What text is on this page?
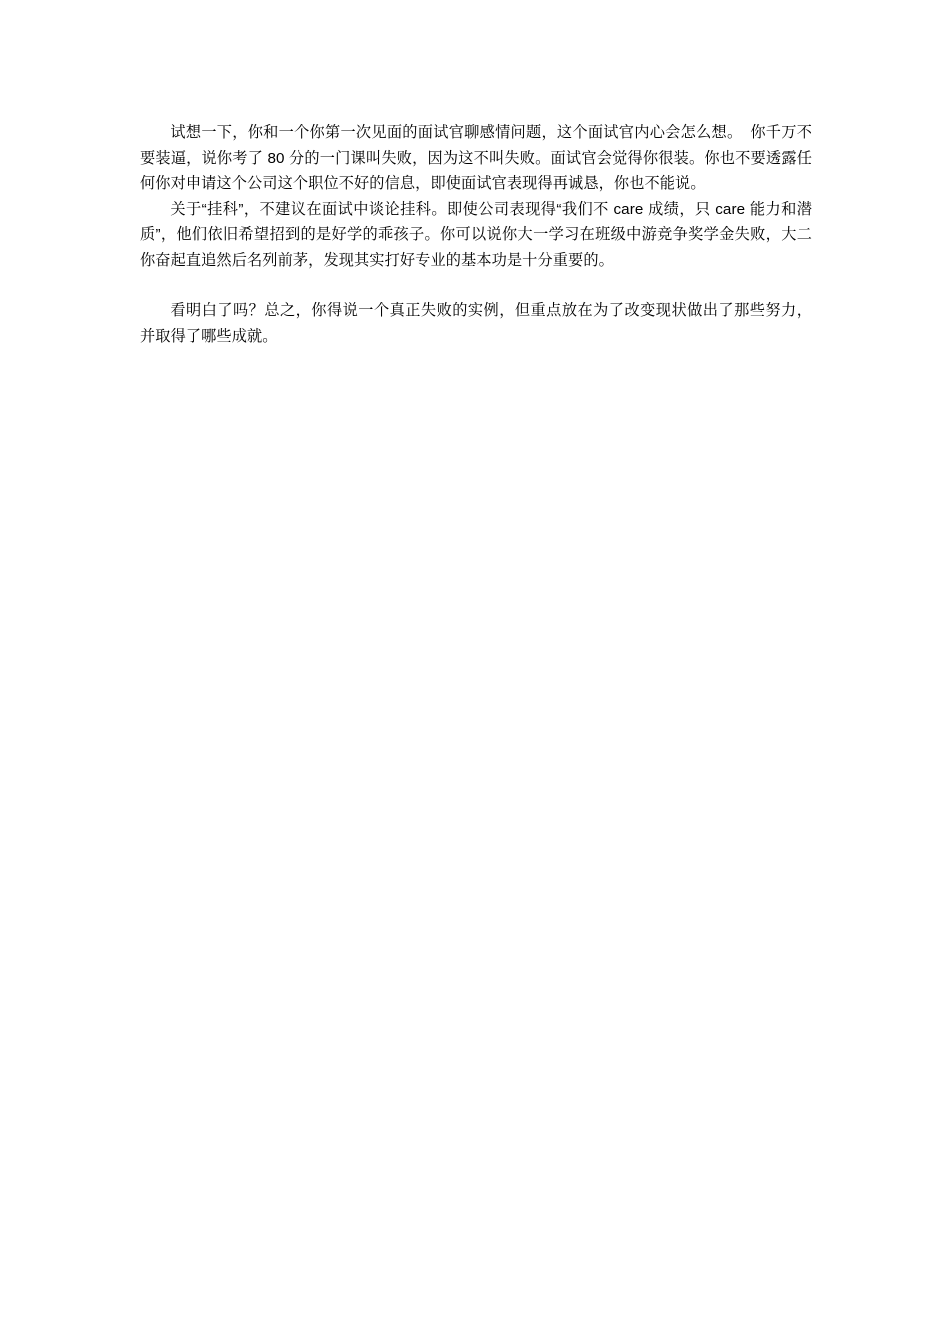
试想一下，你和一个你第一次见面的面试官聊感情问题，这个面试官内心会怎么想。　你千万不要装逼，说你考了 80 分的一门课叫失败，因为这不叫失败。面试官会觉得你很装。你也不要透露任何你对申请这个公司这个职位不好的信息，即使面试官表现得再诚恳，你也不能说。

关于“挂科”，不建议在面试中谈论挂科。即使公司表现得“我们不 care 成绩，只 care 能力和潜质”，他们依旧希望招到的是好学的乖孩子。你可以说你大一学习在班级中游竞争奖学金失败，大二你奋起直追然后名列前茅，发现其实打好专业的基本功是十分重要的。

看明白了吗？总之，你得说一个真正失败的实例，但重点放在为了改变现状做出了那些努力，并取得了哪些成就。
